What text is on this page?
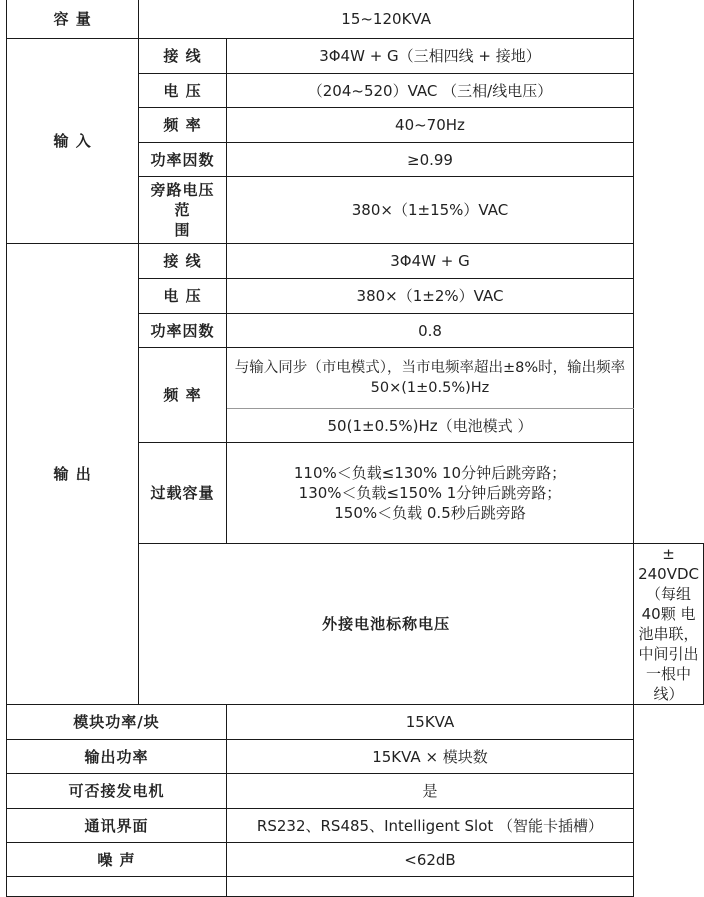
容 量	15~120KVA		
输 入	接 线	3Φ4W + G（三相四线 + 接地）	
	电 压	（204~520）VAC （三相/线电压）	
	频 率	40~70Hz	
	功率因数	≥0.99	

	旁路电压范
围	380×（1±15%）VAC	
输 出	接 线	3Φ4W + G	
	电 压	380×（1±2%）VAC	
	功率因数	0.8	
	频 率	与输入同步（市电模式），当市电频率超出±8%时，输出频率
50×(1±0.5%)Hz	

		50(1±0.5%)Hz（电池模式 ）	
	过载容量	110%＜负载≤130% 10分钟后跳旁路；
130%＜负载≤150% 1分钟后跳旁路；
150%＜负载 0.5秒后跳旁路	

	外接电池标称电压		± 240VDC（每组40颗 电池串联，中间引出一根中线）
模块功率/块		15KVA	
输出功率		15KVA × 模块数	
可否接发电机		是	
通讯界面		RS232、RS485、Intelligent Slot （智能卡插槽）	
噪 声		<62dB	
